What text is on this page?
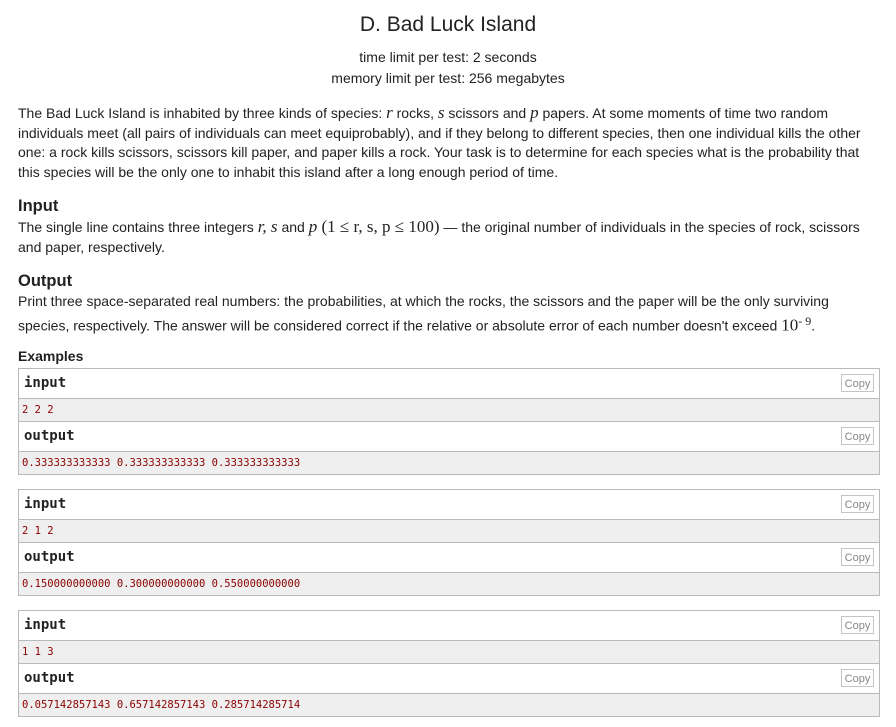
D. Bad Luck Island
time limit per test: 2 seconds
memory limit per test: 256 megabytes

The Bad Luck Island is inhabited by three kinds of species: r rocks, s scissors and p papers. At some moments of time two random individuals meet (all pairs of individuals can meet equiprobably), and if they belong to different species, then one individual kills the other one: a rock kills scissors, scissors kill paper, and paper kills a rock. Your task is to determine for each species what is the probability that this species will be the only one to inhabit this island after a long enough period of time.

Input

The single line contains three integers r, s and p (1 ≤ r, s, p ≤ 100) — the original number of individuals in the species of rock, scissors and paper, respectively.

Output

Print three space-separated real numbers: the probabilities, at which the rocks, the scissors and the paper will be the only surviving species, respectively. The answer will be considered correct if the relative or absolute error of each number doesn't exceed $10^{- 9}$.

Examples
input	Copy
2 2 2
output	Copy
0.333333333333 0.333333333333 0.333333333333
input	Copy
2 1 2
output	Copy
0.150000000000 0.300000000000 0.550000000000
input	Copy
1 1 3
output	Copy
0.057142857143 0.657142857143 0.285714285714
